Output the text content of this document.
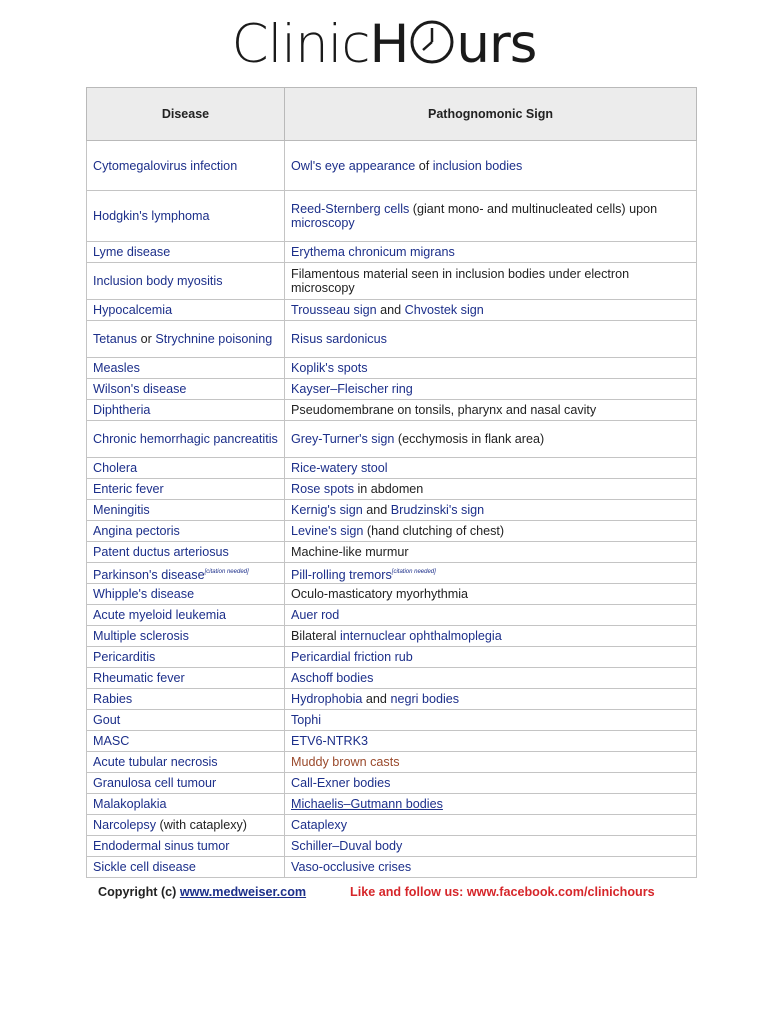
ClinicH urs
Disease	Pathognomonic Sign
Cytomegalovirus infection	Owl's eye appearance of inclusion bodies
Hodgkin's lymphoma	Reed-Sternberg cells (giant mono- and multinucleated cells) upon microscopy
Lyme disease	Erythema chronicum migrans
Inclusion body myositis	Filamentous material seen in inclusion bodies under electron microscopy
Hypocalcemia	Trousseau sign and Chvostek sign
Tetanus or Strychnine poisoning	Risus sardonicus
Measles	Koplik's spots
Wilson's disease	Kayser–Fleischer ring
Diphtheria	Pseudomembrane on tonsils, pharynx and nasal cavity
Chronic hemorrhagic pancreatitis	Grey-Turner's sign (ecchymosis in flank area)
Cholera	Rice-watery stool
Enteric fever	Rose spots in abdomen
Meningitis	Kernig's sign and Brudzinski's sign
Angina pectoris	Levine's sign (hand clutching of chest)
Patent ductus arteriosus	Machine-like murmur
Parkinson's disease[citation needed]	Pill-rolling tremors[citation needed]
Whipple's disease	Oculo-masticatory myorhythmia
Acute myeloid leukemia	Auer rod
Multiple sclerosis	Bilateral internuclear ophthalmoplegia
Pericarditis	Pericardial friction rub
Rheumatic fever	Aschoff bodies
Rabies	Hydrophobia and negri bodies
Gout	Tophi
MASC	ETV6-NTRK3
Acute tubular necrosis	Muddy brown casts
Granulosa cell tumour	Call-Exner bodies
Malakoplakia	Michaelis–Gutmann bodies
Narcolepsy (with cataplexy)	Cataplexy
Endodermal sinus tumor	Schiller–Duval body
Sickle cell disease	Vaso-occlusive crises
Copyright (c) www.medweiser.com	Like and follow us: www.facebook.com/clinichours
